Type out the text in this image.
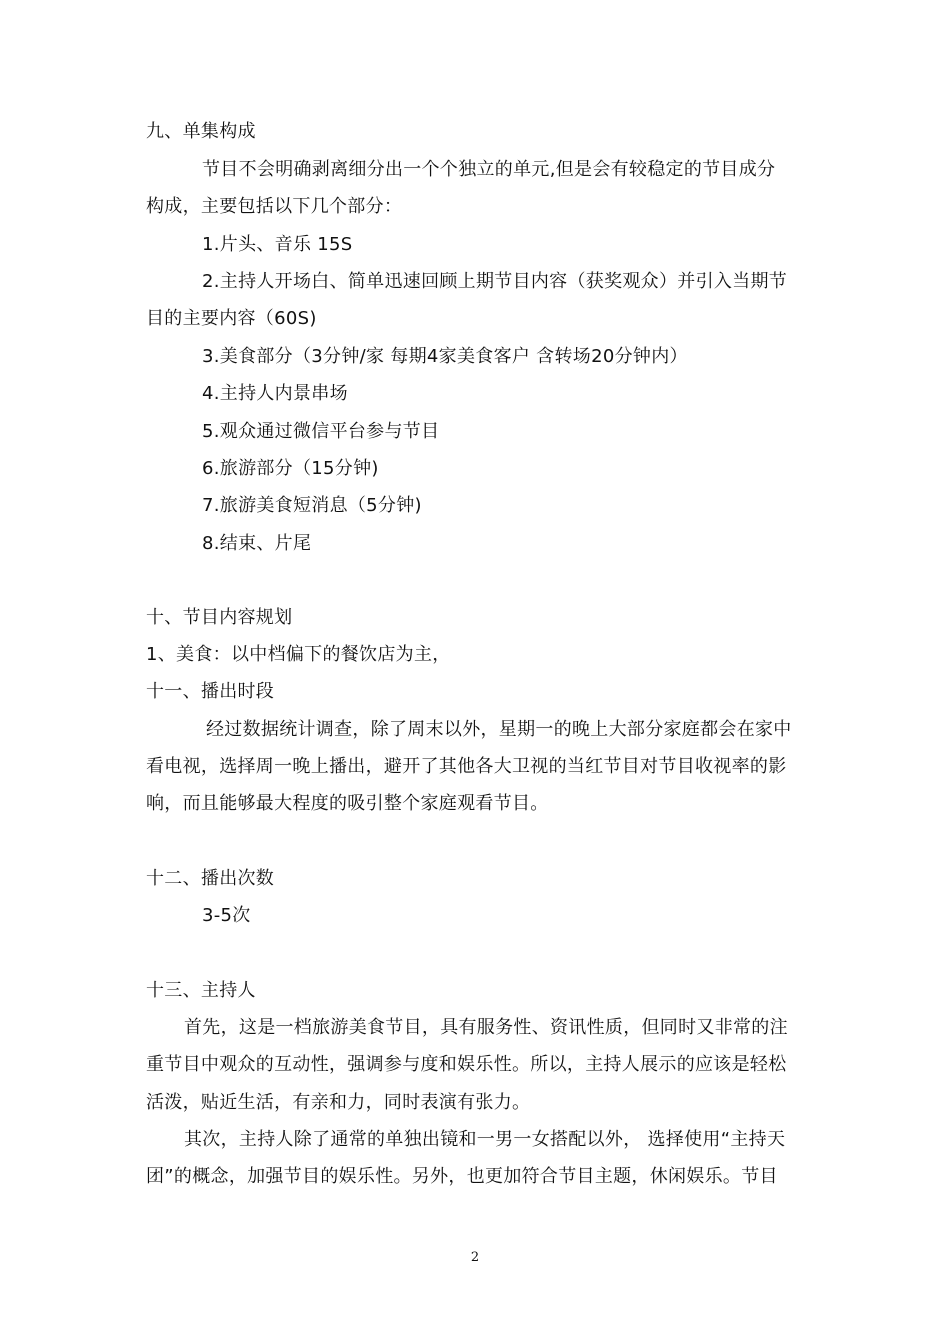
九、单集构成
节目不会明确剥离细分出一个个独立的单元,但是会有较稳定的节目成分
构成，主要包括以下几个部分：
1.片头、音乐 15S
2.主持人开场白、简单迅速回顾上期节目内容（获奖观众）并引入当期节
目的主要内容（60S)
3.美食部分（3分钟/家 每期4家美食客户 含转场20分钟内）
4.主持人内景串场
5.观众通过微信平台参与节目
6.旅游部分（15分钟)
7.旅游美食短消息（5分钟)
8.结束、片尾
十、节目内容规划
1、美食：以中档偏下的餐饮店为主，
十一、播出时段
经过数据统计调查，除了周末以外，星期一的晚上大部分家庭都会在家中
看电视，选择周一晚上播出，避开了其他各大卫视的当红节目对节目收视率的影
响，而且能够最大程度的吸引整个家庭观看节目。
十二、播出次数
3-5次
十三、主持人
首先，这是一档旅游美食节目，具有服务性、资讯性质，但同时又非常的注
重节目中观众的互动性，强调参与度和娱乐性。所以，主持人展示的应该是轻松
活泼，贴近生活，有亲和力，同时表演有张力。
其次，主持人除了通常的单独出镜和一男一女搭配以外， 选择使用“主持天
团”的概念，加强节目的娱乐性。另外，也更加符合节目主题，休闲娱乐。节目
2
